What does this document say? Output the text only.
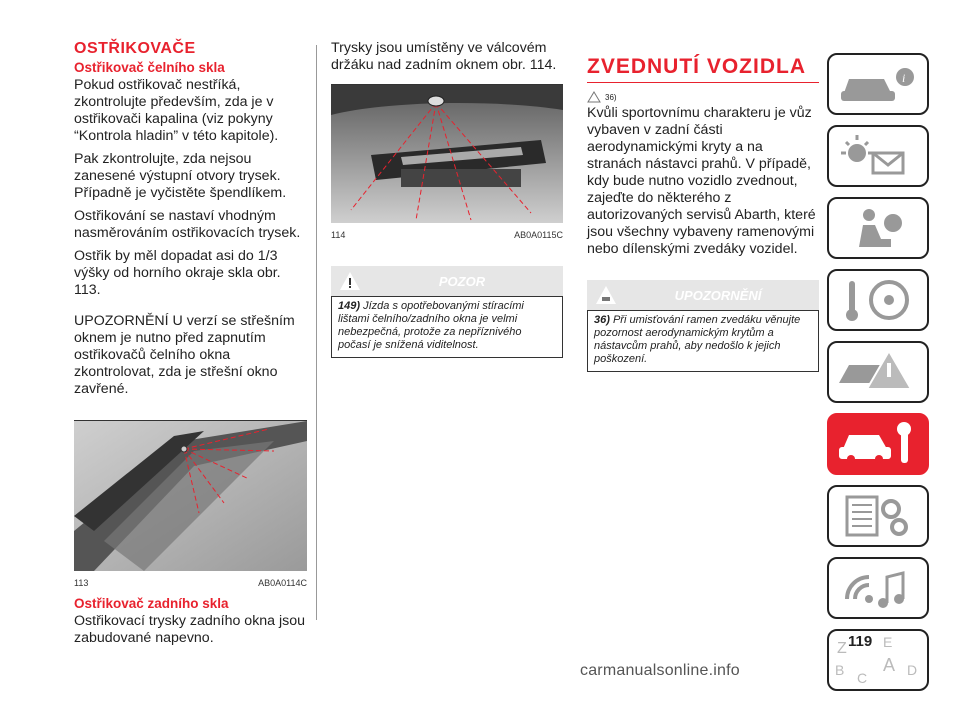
OSTŘIKOVAČE
Ostřikovač čelního skla

Pokud ostřikovač nestříká, zkontrolujte především, zda je v ostřikovači kapalina (viz pokyny “Kontrola hladin” v této kapitole).

Pak zkontrolujte, zda nejsou zanesené výstupní otvory trysek. Případně je vyčistěte špendlíkem.

Ostřikování se nastaví vhodným nasměrováním ostřikovacích trysek.

Ostřik by měl dopadat asi do 1/3 výšky od horního okraje skla obr. 113.

UPOZORNĚNÍ U verzí se střešním oknem je nutno před zapnutím ostřikovačů čelního okna zkontrolovat, zda je střešní okno zavřené.

113	AB0A0114C
Ostřikovač zadního skla

Ostřikovací trysky zadního okna jsou zabudované napevno.

Trysky jsou umístěny ve válcovém držáku nad zadním oknem obr. 114.

114	AB0A0115C
POZOR
149) Jízda s opotřebovanými stíracími lištami čelního/zadního okna je velmi nebezpečná, protože za nepříznivého počasí je snížená viditelnost.
ZVEDNUTÍ VOZIDLA
36)

Kvůli sportovnímu charakteru je vůz vybaven v zadní části aerodynamickými kryty a na stranách nástavci prahů. V případě, kdy bude nutno vozidlo zvednout, zajeďte do některého z autorizovaných servisů Abarth, které jsou všechny vybaveny ramenovými nebo dílenskými zvedáky vozidel.

UPOZORNĚNÍ
36) Při umisťování ramen zvedáku věnujte pozornost aerodynamickým krytům a nástavcům prahů, aby nedošlo k jejich poškození.
i
Z	E
B A
C	D
119
carmanualsonline.info
